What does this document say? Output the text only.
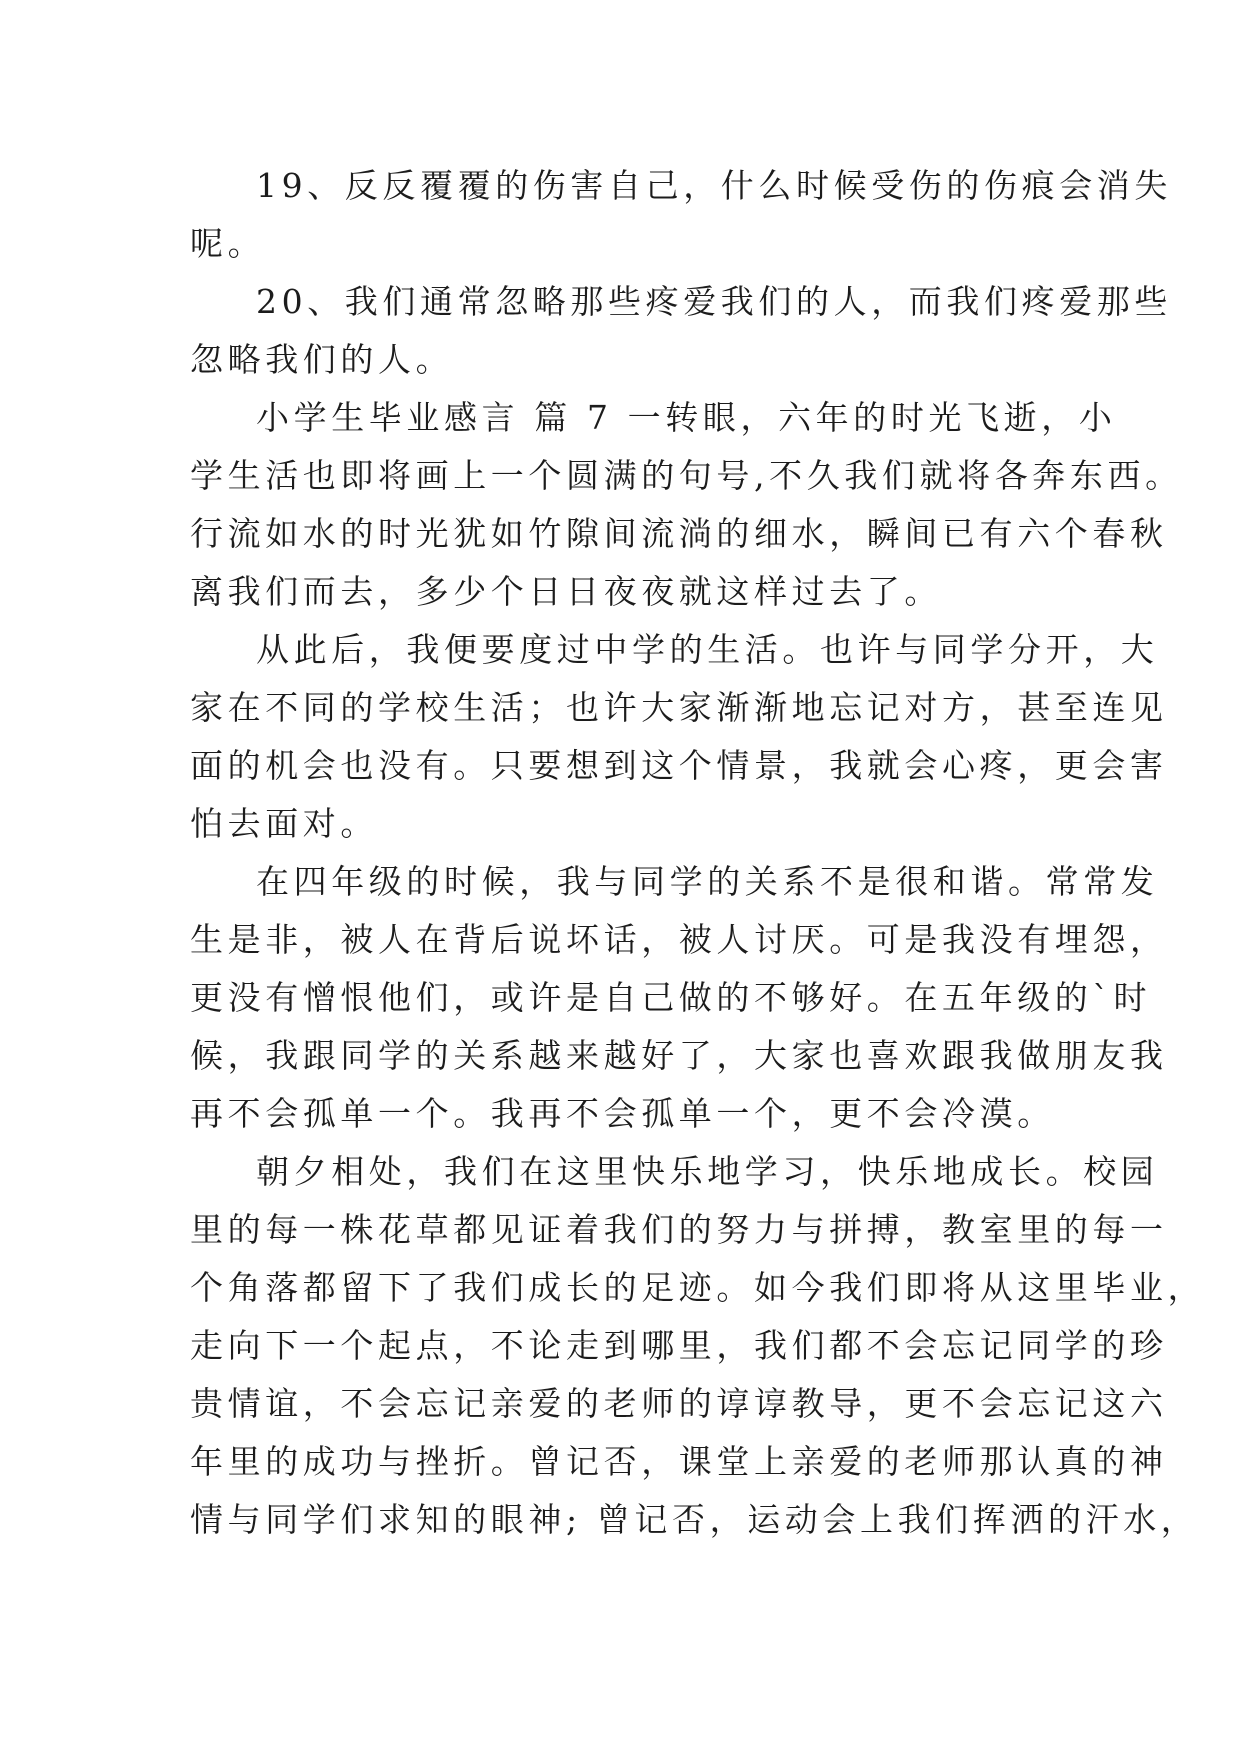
19、反反覆覆的伤害自己，什么时候受伤的伤痕会消失

呢。

20、我们通常忽略那些疼爱我们的人，而我们疼爱那些

忽略我们的人。

小学生毕业感言 篇 7 一转眼，六年的时光飞逝，小

学生活也即将画上一个圆满的句号,不久我们就将各奔东西。

行流如水的时光犹如竹隙间流淌的细水，瞬间已有六个春秋

离我们而去，多少个日日夜夜就这样过去了。

从此后，我便要度过中学的生活。也许与同学分开，大

家在不同的学校生活；也许大家渐渐地忘记对方，甚至连见

面的机会也没有。只要想到这个情景，我就会心疼，更会害

怕去面对。

在四年级的时候，我与同学的关系不是很和谐。常常发

生是非，被人在背后说坏话，被人讨厌。可是我没有埋怨，

更没有憎恨他们，或许是自己做的不够好。在五年级的`时

候，我跟同学的关系越来越好了，大家也喜欢跟我做朋友我

再不会孤单一个。我再不会孤单一个，更不会冷漠。

朝夕相处，我们在这里快乐地学习，快乐地成长。校园

里的每一株花草都见证着我们的努力与拼搏，教室里的每一

个角落都留下了我们成长的足迹。如今我们即将从这里毕业，

走向下一个起点，不论走到哪里，我们都不会忘记同学的珍

贵情谊，不会忘记亲爱的老师的谆谆教导，更不会忘记这六

年里的成功与挫折。曾记否，课堂上亲爱的老师那认真的神

情与同学们求知的眼神; 曾记否，运动会上我们挥洒的汗水，
